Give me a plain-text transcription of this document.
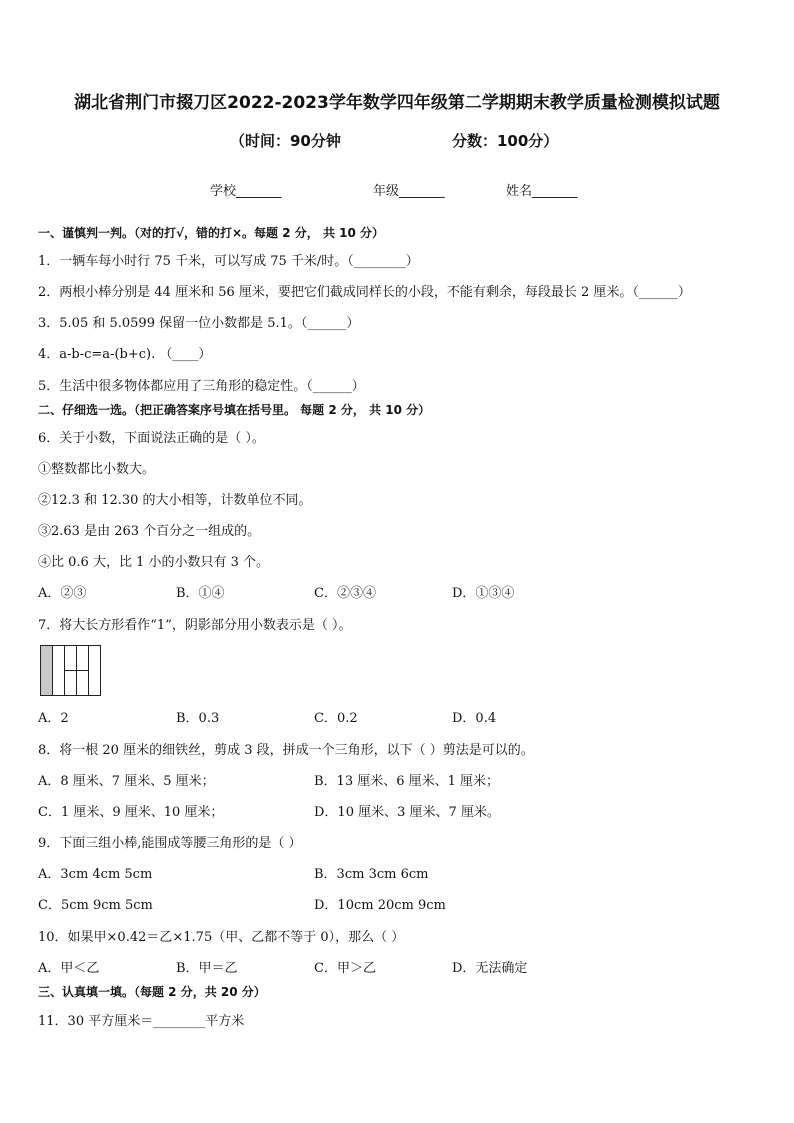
湖北省荆门市掇刀区2022-2023学年数学四年级第二学期期末教学质量检测模拟试题
（时间：90分钟	分数：100分）
学校_______	年级_______	姓名_______
一、谨慎判一判。（对的打√，错的打×。每题 2 分， 共 10 分）
1．一辆车每小时行 75 千米，可以写成 75 千米/时。（________）
2．两根小棒分别是 44 厘米和 56 厘米，要把它们截成同样长的小段，不能有剩余，每段最长 2 厘米。（______）
3．5.05 和 5.0599 保留一位小数都是 5.1。（______）
4．a-b-c=a-(b+c). （____）
5．生活中很多物体都应用了三角形的稳定性。（______）
二、仔细选一选。（把正确答案序号填在括号里。 每题 2 分， 共 10 分）
6．关于小数，下面说法正确的是（ ）。
①整数都比小数大。
②12.3 和 12.30 的大小相等，计数单位不同。
③2.63 是由 263 个百分之一组成的。
④比 0.6 大，比 1 小的小数只有 3 个。
A．②③	B．①④	C．②③④	D．①③④
7．将大长方形看作“1”，阴影部分用小数表示是（ ）。
A．2	B．0.3	C．0.2	D．0.4
8．将一根 20 厘米的细铁丝，剪成 3 段，拼成一个三角形，以下（ ）剪法是可以的。
A．8 厘米、7 厘米、5 厘米；	B．13 厘米、6 厘米、1 厘米；
C．1 厘米、9 厘米、10 厘米；	D．10 厘米、3 厘米、7 厘米。
9．下面三组小棒,能围成等腰三角形的是（ ）
A．3cm 4cm 5cm	B．3cm 3cm 6cm
C．5cm 9cm 5cm	D．10cm 20cm 9cm
10．如果甲×0.42＝乙×1.75（甲、乙都不等于 0），那么（ ）
A．甲＜乙	B．甲＝乙	C．甲＞乙	D．无法确定
三、认真填一填。（每题 2 分，共 20 分）
11．30 平方厘米＝________平方米
